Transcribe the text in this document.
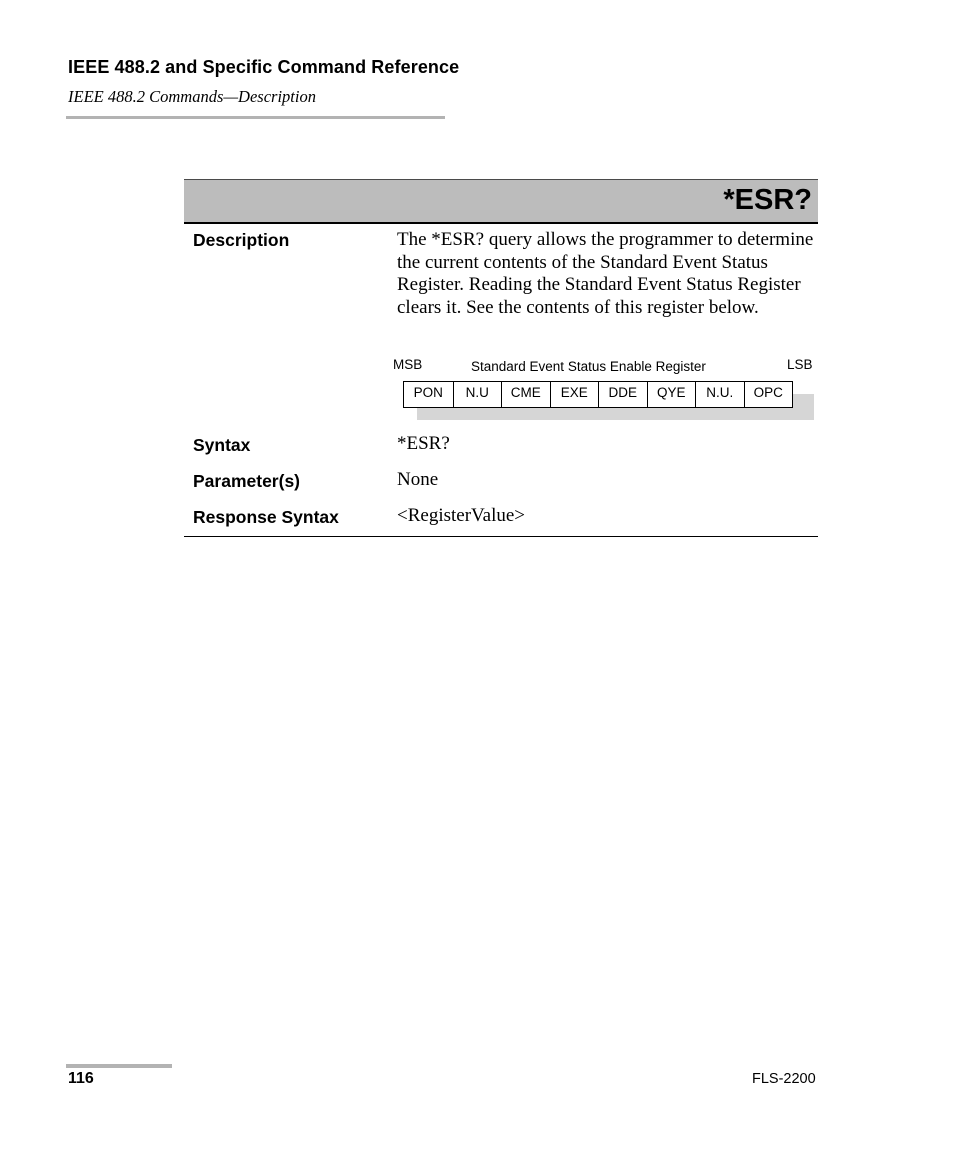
IEEE 488.2 and Specific Command Reference
IEEE 488.2 Commands—Description
*ESR?
Description	The *ESR? query allows the programmer to determine the current contents of the Standard Event Status Register. Reading the Standard Event Status Register clears it. See the contents of this register below.
MSB	Standard Event Status Enable Register	LSB
PON	N.U	CME	EXE	DDE	QYE	N.U.	OPC
Syntax	*ESR?
Parameter(s)	None
Response Syntax	<RegisterValue>
116	FLS-2200
